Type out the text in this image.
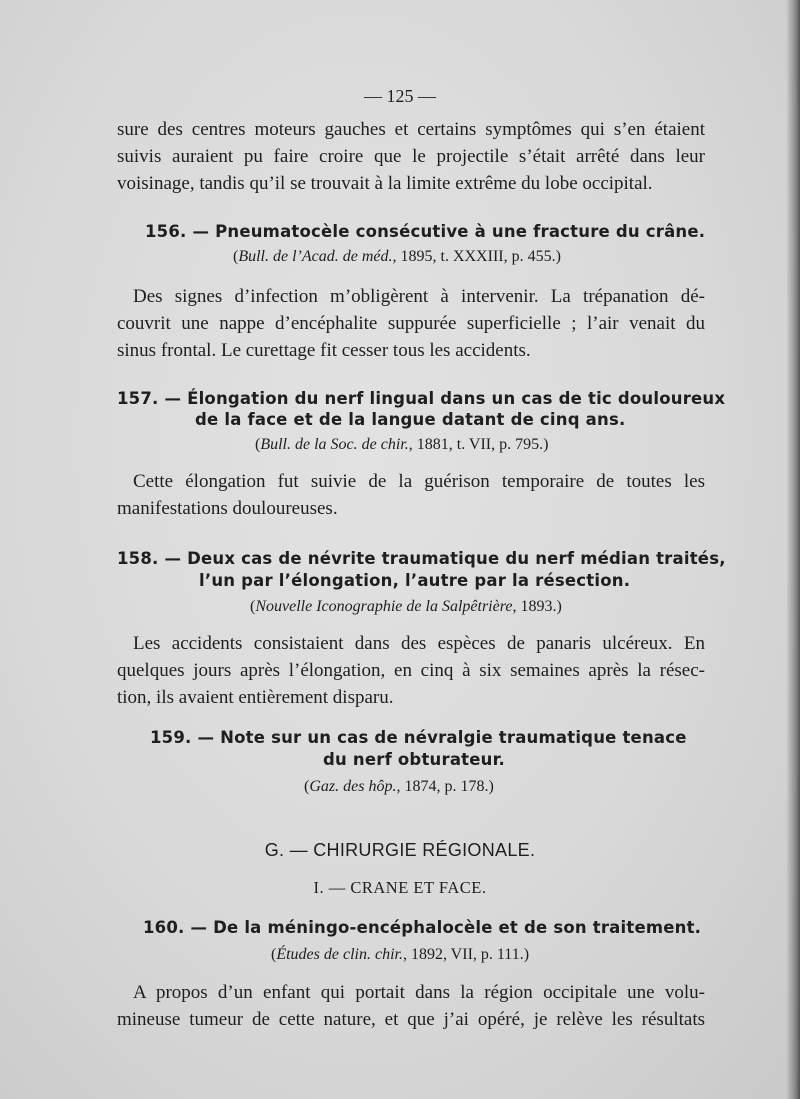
— 125 —
sure des centres moteurs gauches et certains symptômes qui s’en étaient
suivis auraient pu faire croire que le projectile s’était arrêté dans leur
voisinage, tandis qu’il se trouvait à la limite extrême du lobe occipital.
156. — Pneumatocèle consécutive à une fracture du crâne.
(Bull. de l’Acad. de méd., 1895, t. XXXIII, p. 455.)
Des signes d’infection m’obligèrent à intervenir. La trépanation dé-
couvrit une nappe d’encéphalite suppurée superficielle ; l’air venait du
sinus frontal. Le curettage fit cesser tous les accidents.
157. — Élongation du nerf lingual dans un cas de tic douloureux
de la face et de la langue datant de cinq ans.
(Bull. de la Soc. de chir., 1881, t. VII, p. 795.)
Cette élongation fut suivie de la guérison temporaire de toutes les
manifestations douloureuses.
158. — Deux cas de névrite traumatique du nerf médian traités,
l’un par l’élongation, l’autre par la résection.
(Nouvelle Iconographie de la Salpêtrière, 1893.)
Les accidents consistaient dans des espèces de panaris ulcéreux. En
quelques jours après l’élongation, en cinq à six semaines après la résec-
tion, ils avaient entièrement disparu.
159. — Note sur un cas de névralgie traumatique tenace
du nerf obturateur.
(Gaz. des hôp., 1874, p. 178.)
G. — CHIRURGIE RÉGIONALE.
I. — CRANE ET FACE.
160. — De la méningo-encéphalocèle et de son traitement.
(Études de clin. chir., 1892, VII, p. 111.)
A propos d’un enfant qui portait dans la région occipitale une volu-
mineuse tumeur de cette nature, et que j’ai opéré, je relève les résultats
